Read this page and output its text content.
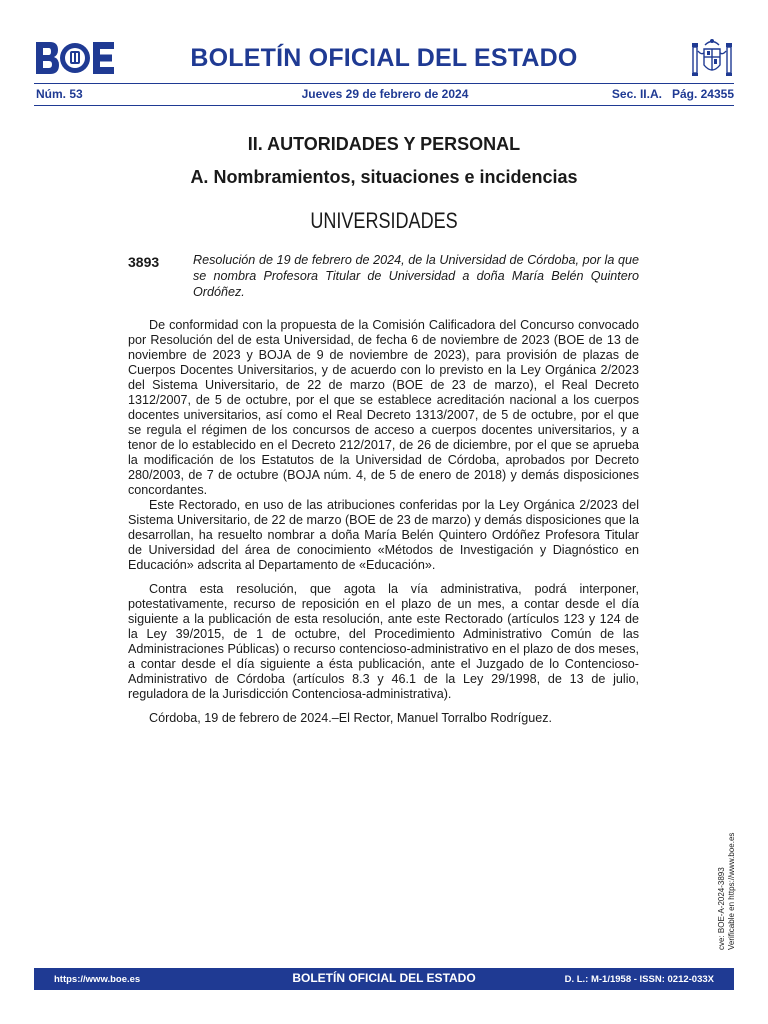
BOLETÍN OFICIAL DEL ESTADO
Núm. 53	Jueves 29 de febrero de 2024	Sec. II.A. Pág. 24355
II. AUTORIDADES Y PERSONAL
A. Nombramientos, situaciones e incidencias
UNIVERSIDADES
3893	Resolución de 19 de febrero de 2024, de la Universidad de Córdoba, por la que se nombra Profesora Titular de Universidad a doña María Belén Quintero Ordóñez.

De conformidad con la propuesta de la Comisión Calificadora del Concurso convocado por Resolución del de esta Universidad, de fecha 6 de noviembre de 2023 (BOE de 13 de noviembre de 2023 y BOJA de 9 de noviembre de 2023), para provisión de plazas de Cuerpos Docentes Universitarios, y de acuerdo con lo previsto en la Ley Orgánica 2/2023 del Sistema Universitario, de 22 de marzo (BOE de 23 de marzo), el Real Decreto 1312/2007, de 5 de octubre, por el que se establece acreditación nacional a los cuerpos docentes universitarios, así como el Real Decreto 1313/2007, de 5 de octubre, por el que se regula el régimen de los concursos de acceso a cuerpos docentes universitarios, y a tenor de lo establecido en el Decreto 212/2017, de 26 de diciembre, por el que se aprueba la modificación de los Estatutos de la Universidad de Córdoba, aprobados por Decreto 280/2003, de 7 de octubre (BOJA núm. 4, de 5 de enero de 2018) y demás disposiciones concordantes.

Este Rectorado, en uso de las atribuciones conferidas por la Ley Orgánica 2/2023 del Sistema Universitario, de 22 de marzo (BOE de 23 de marzo) y demás disposiciones que la desarrollan, ha resuelto nombrar a doña María Belén Quintero Ordóñez Profesora Titular de Universidad del área de conocimiento «Métodos de Investigación y Diagnóstico en Educación» adscrita al Departamento de «Educación».

Contra esta resolución, que agota la vía administrativa, podrá interponer, potestativamente, recurso de reposición en el plazo de un mes, a contar desde el día siguiente a la publicación de esta resolución, ante este Rectorado (artículos 123 y 124 de la Ley 39/2015, de 1 de octubre, del Procedimiento Administrativo Común de las Administraciones Públicas) o recurso contencioso-administrativo en el plazo de dos meses, a contar desde el día siguiente a ésta publicación, ante el Juzgado de lo Contencioso-Administrativo de Córdoba (artículos 8.3 y 46.1 de la Ley 29/1998, de 13 de julio, reguladora de la Jurisdicción Contenciosa-administrativa).

Córdoba, 19 de febrero de 2024.–El Rector, Manuel Torralbo Rodríguez.

cve: BOE-A-2024-3893 Verificable en https://www.boe.es
https://www.boe.es	BOLETÍN OFICIAL DEL ESTADO	D. L.: M-1/1958 - ISSN: 0212-033X
